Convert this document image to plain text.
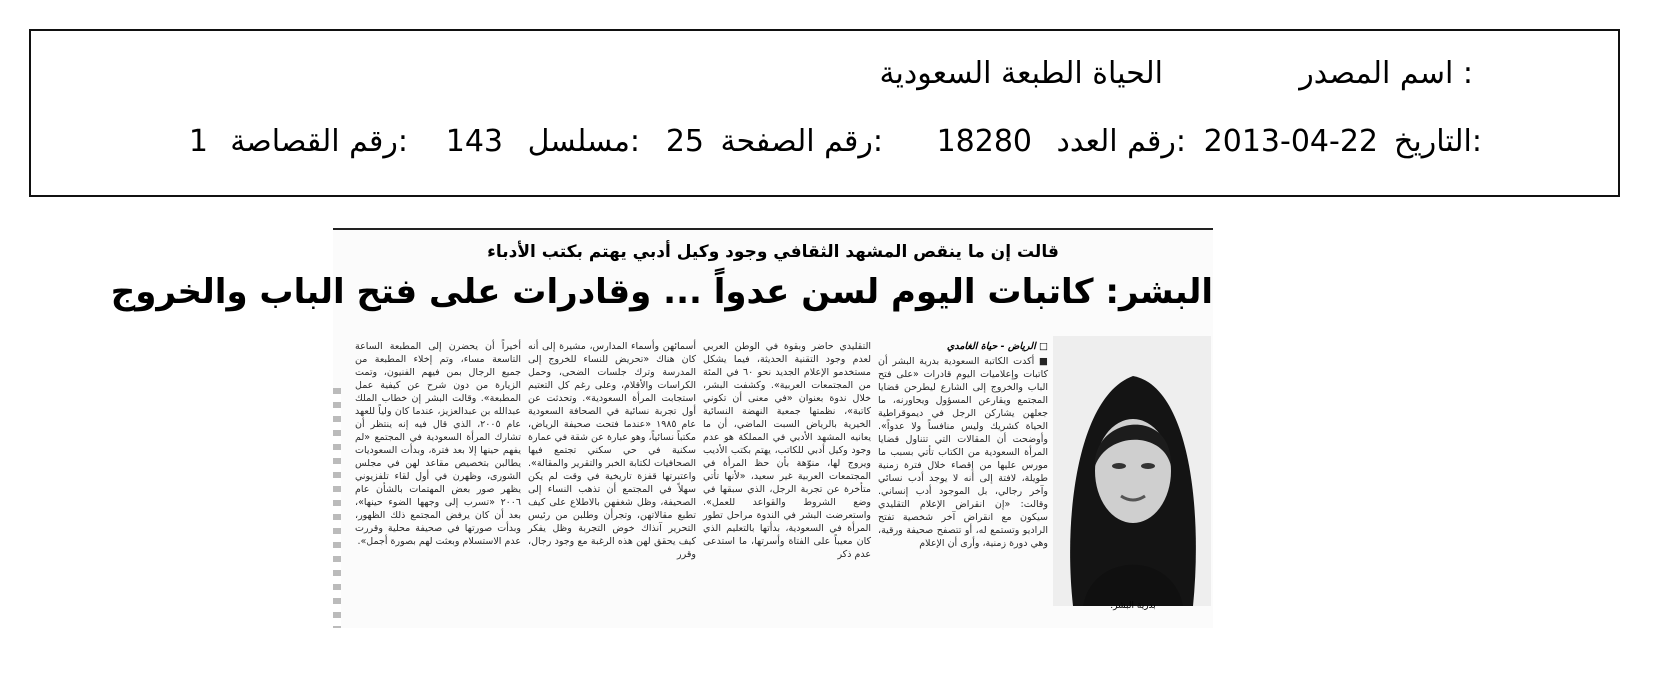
اسم المصدر :
الحياة الطبعة السعودية
التاريخ:
2013-04-22
رقم العدد:
18280
رقم الصفحة:
25
مسلسل:
143
رقم القصاصة:
1
قالت إن ما ينقص المشهد الثقافي وجود وكيل أدبي يهتم بكتب الأدباء
البشر: كاتبات اليوم لسن عدواً ... وقادرات على فتح الباب والخروج
بدرية البشر.
□ الرياض - حياة الغامدي
■ أكدت الكاتبة السعودية بدرية البشر أن كاتبات وإعلاميات اليوم قادرات «على فتح الباب والخروج إلى الشارع ليطرحن قضايا المجتمع ويقارعن المسؤول ويحاورنه، ما جعلهن يشاركن الرجل في ديموقراطية الحياة كشريك وليس منافساً ولا عدواً». وأوضحت أن المقالات التي تتناول قضايا المرأة السعودية من الكتاب تأتي بسبب ما مورس عليها من إقصاء خلال فترة زمنية طويلة، لافتة إلى أنه لا يوجد أدب نسائي وآخر رجالي، بل الموجود أدب إنساني. وقالت: «إن انقراض الإعلام التقليدي سيكون مع انقراض آخر شخصية تفتح الراديو وتستمع له، أو تتصفح صحيفة ورقية، وهي دورة زمنية، وأرى أن الإعلام
التقليدي حاضر وبقوة في الوطن العربي لعدم وجود التقنية الحديثة، فيما يشكل مستخدمو الإعلام الجديد نحو ٦٠ في المئة من المجتمعات العربية». وكشفت البشر، خلال ندوة بعنوان «في معنى أن تكوني كاتبة»، نظمتها جمعية النهضة النسائية الخيرية بالرياض السبت الماضي، أن ما يعانيه المشهد الأدبي في المملكة هو عدم وجود وكيل أدبي للكاتب، يهتم بكتب الأديب ويروج لها، منوّهة بأن حظ المرأة في المجتمعات العربية غير سعيد، «لأنها تأتي متأخرة عن تجربة الرجل، الذي سبقها في وضع الشروط والقواعد للعمل». واستعرضت البشر في الندوة مراحل تطور المرأة في السعودية، بدأتها بالتعليم الذي كان معيباً على الفتاة وأسرتها، ما استدعى عدم ذكر
أسمائهن وأسماء المدارس، مشيرة إلى أنه كان هناك «تحريض للنساء للخروج إلى المدرسة وترك جلسات الضحى، وحمل الكراسات والأقلام، وعلى رغم كل التعتيم استجابت المرأة السعودية». وتحدثت عن أول تجربة نسائية في الصحافة السعودية عام ١٩٨٥ «عندما فتحت صحيفة الرياض، مكتباً نسائياً، وهو عبارة عن شقة في عمارة سكنية في حي سكني تجتمع فيها الصحافيات لكتابة الخبر والتقرير والمقالة». واعتبرتها قفزة تاريخية في وقت لم يكن سهلاً في المجتمع أن تذهب النساء إلى الصحيفة، وظل شغفهن بالاطلاع على كيف تطبع مقالاتهن، وتجرأن وطلبن من رئيس التحرير آنذاك خوض التجربة وظل يفكر كيف يحقق لهن هذه الرغبة مع وجود رجال، وقرر
أخيراً أن يحضرن إلى المطبعة الساعة التاسعة مساء، وتم إخلاء المطبعة من جميع الرجال بمن فيهم الفنيون، وتمت الزيارة من دون شرح عن كيفية عمل المطبعة». وقالت البشر إن خطاب الملك عبدالله بن عبدالعزيز، عندما كان ولياً للعهد عام ٢٠٠٥، الذي قال فيه إنه ينتظر أن تشارك المرأة السعودية في المجتمع «لم يفهم حينها إلا بعد فترة، وبدأت السعوديات يطالبن بتخصيص مقاعد لهن في مجلس الشورى، وظهرن في أول لقاء تلفزيوني يظهر صور بعض المهتمات بالشأن عام ٢٠٠٦ «تسرب إلى وجهها الضوء حينها»، بعد أن كان يرفض المجتمع ذلك الظهور، وبدأت صورتها في صحيفة محلية وقررت عدم الاستسلام وبعثت لهم بصورة أجمل».
